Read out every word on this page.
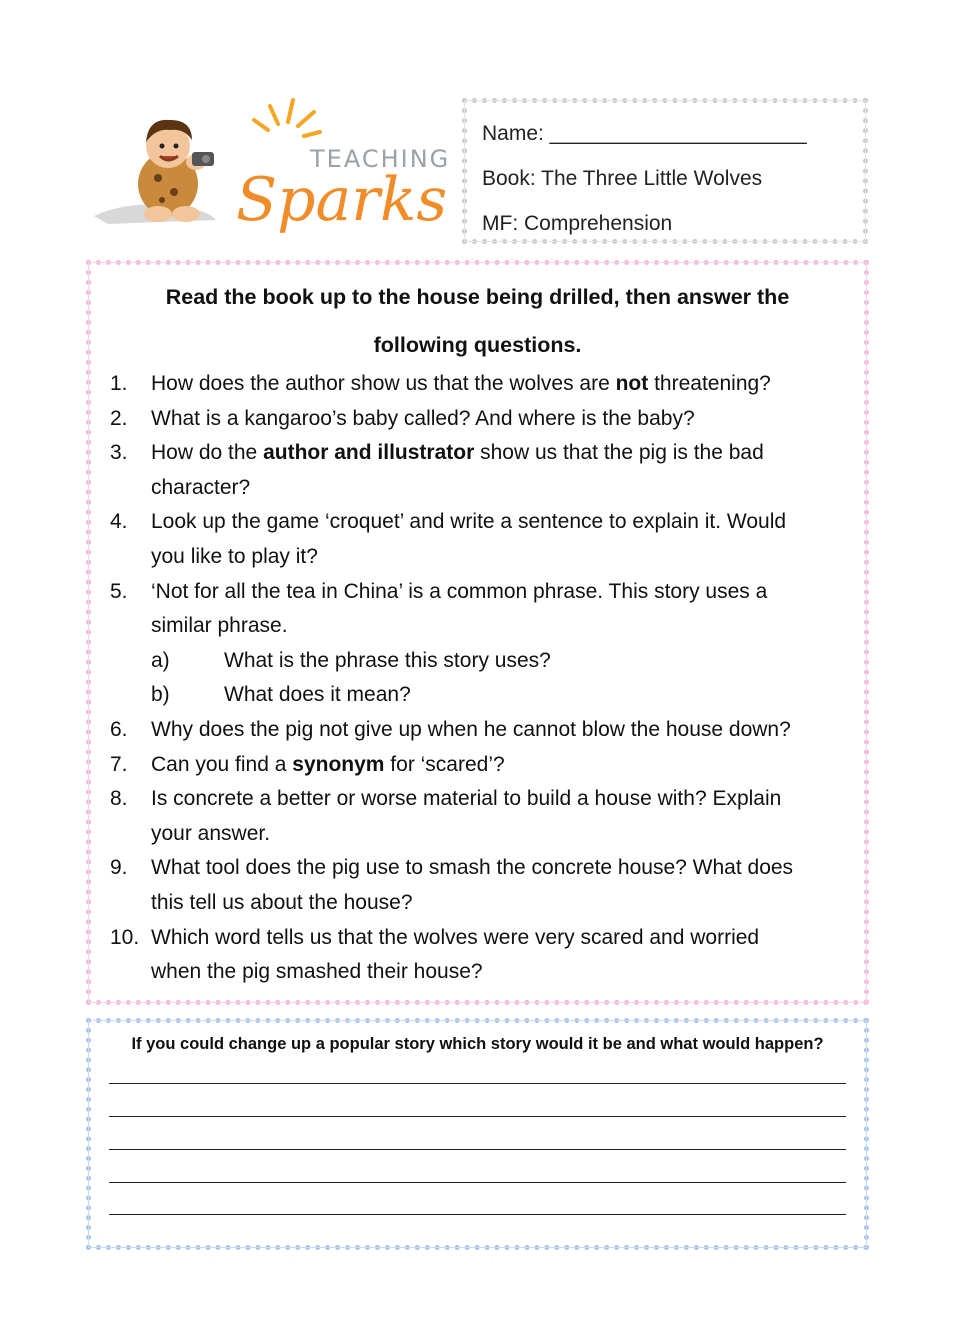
TEACHING
Sparks
Name: ______________________
Book: The Three Little Wolves
MF: Comprehension
Read the book up to the house being drilled, then answer the
following questions.
1. How does the author show us that the wolves are not threatening?
2. What is a kangaroo’s baby called? And where is the baby?
3. How do the author and illustrator show us that the pig is the bad
character?
4. Look up the game ‘croquet’ and write a sentence to explain it. Would
you like to play it?
5. ‘Not for all the tea in China’ is a common phrase. This story uses a
similar phrase.
a)	What is the phrase this story uses?
b)	What does it mean?
6. Why does the pig not give up when he cannot blow the house down?
7. Can you find a synonym for ‘scared’?
8. Is concrete a better or worse material to build a house with? Explain
your answer.
9. What tool does the pig use to smash the concrete house? What does
this tell us about the house?
10. Which word tells us that the wolves were very scared and worried
when the pig smashed their house?
If you could change up a popular story which story would it be and what would happen?
